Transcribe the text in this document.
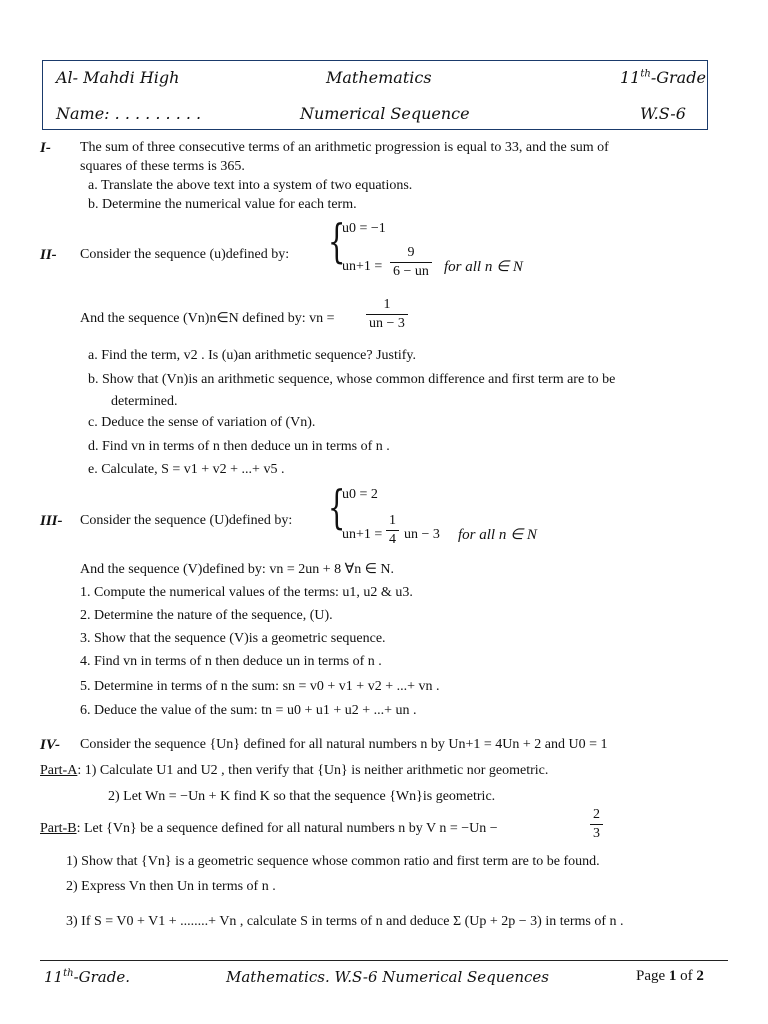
Al- Mahdi High	Mathematics	11th-Grade
Name: . . . . . . . . .	Numerical Sequence	W.S-6
I- The sum of three consecutive terms of an arithmetic progression is equal to 33, and the sum of
squares of these terms is 365.
a. Translate the above text into a system of two equations.
b. Determine the numerical value for each term.
II- Consider the sequence (u)defined by: {
u0 = −1
$un+1 = \frac{9}{6 - un}$ for all n ∈ N
And the sequence (Vn)n∈N defined by: vn = $\frac{1}{un - 3}$
a. Find the term, v2 . Is (u)an arithmetic sequence? Justify.
b. Show that (Vn)is an arithmetic sequence, whose common difference and first term are to be
determined.
c. Deduce the sense of variation of (Vn).
d. Find vn in terms of n then deduce un in terms of n .
e. Calculate, S = v1 + v2 + ...+ v5 .
III- Consider the sequence (U)defined by: {
u0 = 2
$un+1 = \frac{1}{4}$ un − 3 for all n ∈ N
And the sequence (V)defined by: vn = 2un + 8 ∀n ∈ N.
1. Compute the numerical values of the terms: u1, u2 & u3.
2. Determine the nature of the sequence, (U).
3. Show that the sequence (V)is a geometric sequence.
4. Find vn in terms of n then deduce un in terms of n .
5. Determine in terms of n the sum: sn = v0 + v1 + v2 + ...+ vn .
6. Deduce the value of the sum: tn = u0 + u1 + u2 + ...+ un .
IV- Consider the sequence {Un} defined for all natural numbers n by Un+1 = 4Un + 2 and U0 = 1
Part-A: 1) Calculate U1 and U2 , then verify that {Un} is neither arithmetic nor geometric.
2) Let Wn = −Un + K find K so that the sequence {Wn}is geometric.
Part-B: Let {Vn} be a sequence defined for all natural numbers n by V n = −Un −	$\frac{2}{3}$
1) Show that {Vn} is a geometric sequence whose common ratio and first term are to be found.
2) Express Vn then Un in terms of n .
3) If S = V0 + V1 + ........+ Vn , calculate S in terms of n and deduce Σ (Up + 2p − 3) in terms of n .
11th-Grade.	Mathematics. W.S-6 Numerical Sequences	Page 1 of 2
